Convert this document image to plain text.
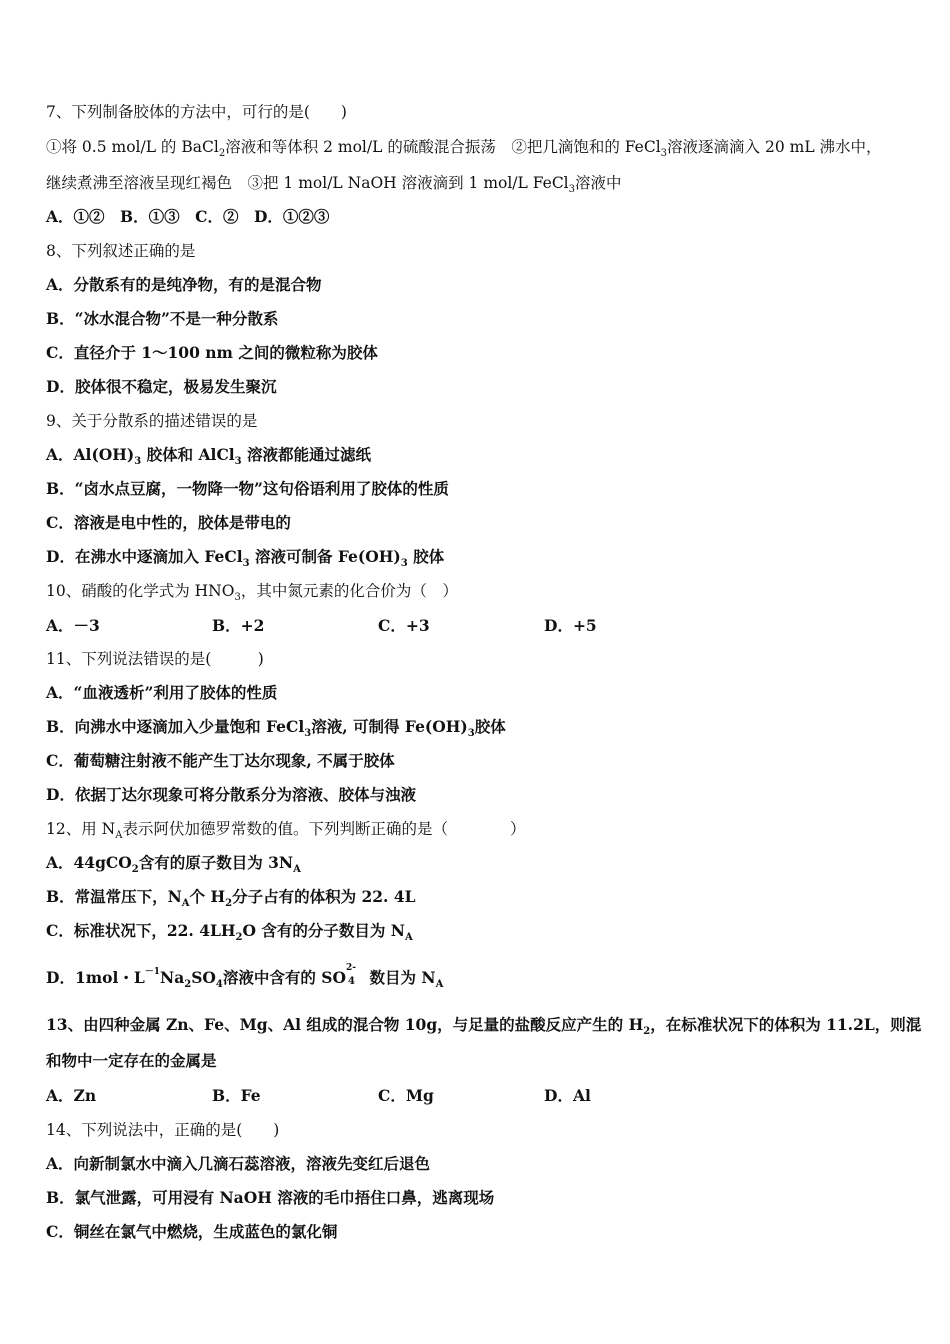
7、下列制备胶体的方法中，可行的是(　　)
①将 0.5 mol/L 的 BaCl$_2$溶液和等体积 2 mol/L 的硫酸混合振荡　②把几滴饱和的 FeCl$_3$溶液逐滴滴入 20 mL 沸水中，
继续煮沸至溶液呈现红褐色　③把 1 mol/L NaOH 溶液滴到 1 mol/L FeCl$_3$溶液中
A．①②　B．①③　C．②　D．①②③
8、下列叙述正确的是
A．分散系有的是纯净物，有的是混合物
B．“冰水混合物”不是一种分散系
C．直径介于 1～100 nm 之间的微粒称为胶体
D．胶体很不稳定，极易发生聚沉
9、关于分散系的描述错误的是
A．$Al(OH)_3$ 胶体和 AlCl$_3$ 溶液都能通过滤纸
B．“卤水点豆腐，一物降一物”这句俗语利用了胶体的性质
C．溶液是电中性的，胶体是带电的
D．在沸水中逐滴加入 FeCl$_3$ 溶液可制备 $Fe(OH)_3$ 胶体
10、硝酸的化学式为 $HNO_3$，其中氮元素的化合价为（　）
A．－3	B．+2	C．+3	D．+5
11、下列说法错误的是(　　　)
A．“血液透析”利用了胶体的性质
B．向沸水中逐滴加入少量饱和 FeCl$_3$溶液, 可制得 $Fe(OH)_3$胶体
C．葡萄糖注射液不能产生丁达尔现象, 不属于胶体
D．依据丁达尔现象可将分散系分为溶液、胶体与浊液
12、用 $N_A$表示阿伏加德罗常数的值。下列判断正确的是（　　　　）
A．44gCO$_2$含有的原子数目为 $3N_A$
B．常温常压下，$N_A$个 $H_2$分子占有的体积为 22. 4L
C．标准状况下，22. $4LH_2O$ 含有的分子数目为 $N_A$
D．1mol・$L^{-1}Na_2SO_4$溶液中含有的 SO 2-
4 　数目为 $N_A$
13、由四种金属 Zn、Fe、Mg、Al 组成的混合物 10g，与足量的盐酸反应产生的 $H_2$，在标准状况下的体积为 11.2L，则混
和物中一定存在的金属是
A．Zn	B．Fe	C．Mg	D．Al
14、下列说法中，正确的是(　　)
A．向新制氯水中滴入几滴石蕊溶液，溶液先变红后退色
B．氯气泄露，可用浸有 NaOH 溶液的毛巾捂住口鼻，逃离现场
C．铜丝在氯气中燃烧，生成蓝色的氯化铜
